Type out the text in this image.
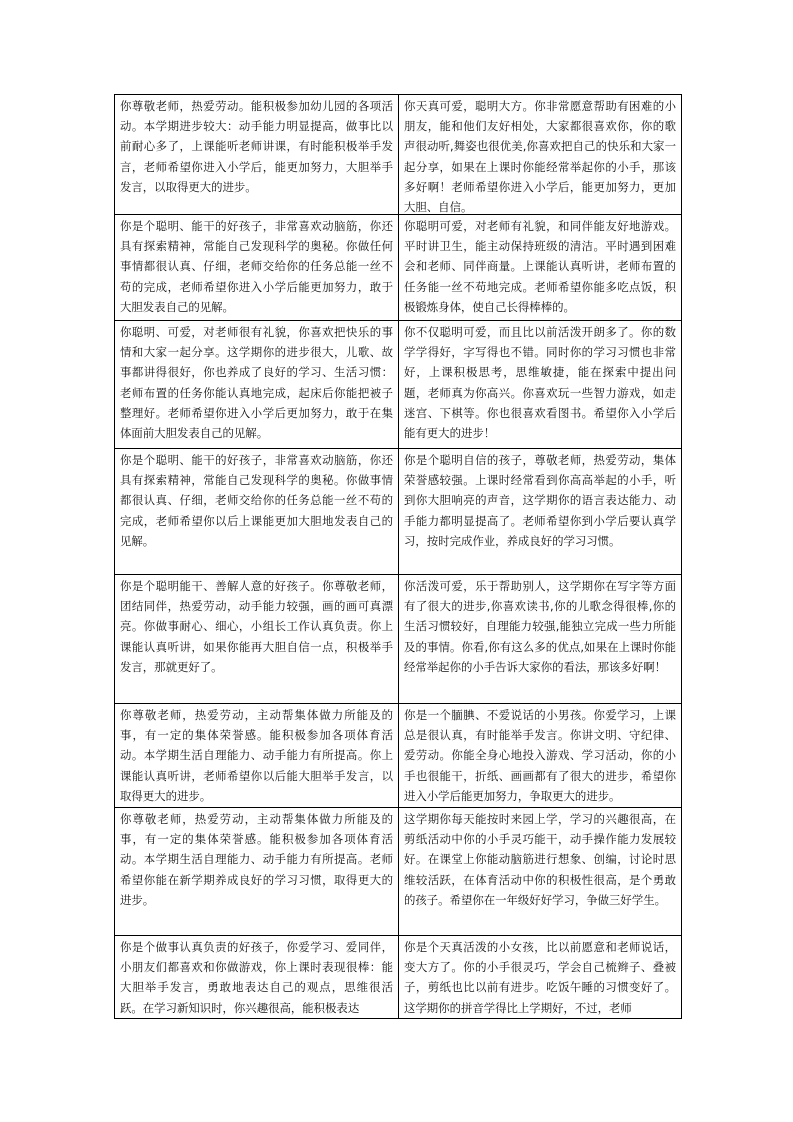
你尊敬老师，热爱劳动。能积极参加幼儿园的各项活动。本学期进步较大：动手能力明显提高，做事比以前耐心多了，上课能听老师讲课，有时能积极举手发言，老师希望你进入小学后，能更加努力，大胆举手发言，以取得更大的进步。
你天真可爱，聪明大方。你非常愿意帮助有困难的小朋友，能和他们友好相处，大家都很喜欢你，你的歌声很动听,舞姿也很优美,你喜欢把自己的快乐和大家一起分享，如果在上课时你能经常举起你的小手，那该多好啊！老师希望你进入小学后，能更加努力，更加大胆、自信。
你是个聪明、能干的好孩子，非常喜欢动脑筋，你还具有探索精神，常能自己发现科学的奥秘。你做任何事情都很认真、仔细，老师交给你的任务总能一丝不苟的完成，老师希望你进入小学后能更加努力，敢于大胆发表自己的见解。
你聪明可爱，对老师有礼貌，和同伴能友好地游戏。平时讲卫生，能主动保持班级的清洁。平时遇到困难会和老师、同伴商量。上课能认真听讲，老师布置的任务能一丝不苟地完成。老师希望你能多吃点饭，积极锻炼身体，使自己长得棒棒的。
你聪明、可爱，对老师很有礼貌，你喜欢把快乐的事情和大家一起分享。这学期你的进步很大，儿歌、故事都讲得很好，你也养成了良好的学习、生活习惯：老师布置的任务你能认真地完成，起床后你能把被子整理好。老师希望你进入小学后更加努力，敢于在集体面前大胆发表自己的见解。
你不仅聪明可爱，而且比以前活泼开朗多了。你的数学学得好，字写得也不错。同时你的学习习惯也非常好，上课积极思考，思维敏捷，能在探索中提出问题，老师真为你高兴。你喜欢玩一些智力游戏，如走迷宫、下棋等。你也很喜欢看图书。希望你入小学后能有更大的进步！
你是个聪明、能干的好孩子，非常喜欢动脑筋，你还具有探索精神，常能自己发现科学的奥秘。你做事情都很认真、仔细，老师交给你的任务总能一丝不苟的完成，老师希望你以后上课能更加大胆地发表自己的见解。
你是个聪明自信的孩子，尊敬老师，热爱劳动，集体荣誉感较强。上课时经常看到你高高举起的小手，听到你大胆响亮的声音，这学期你的语言表达能力、动手能力都明显提高了。老师希望你到小学后要认真学习，按时完成作业，养成良好的学习习惯。
你是个聪明能干、善解人意的好孩子。你尊敬老师，团结同伴，热爱劳动，动手能力较强，画的画可真漂亮。你做事耐心、细心，小组长工作认真负责。你上课能认真听讲，如果你能再大胆自信一点，积极举手发言，那就更好了。
你活泼可爱，乐于帮助别人，这学期你在写字等方面有了很大的进步,你喜欢读书,你的儿歌念得很棒,你的生活习惯较好，自理能力较强,能独立完成一些力所能及的事情。你看,你有这么多的优点,如果在上课时你能经常举起你的小手告诉大家你的看法，那该多好啊！
你尊敬老师，热爱劳动，主动帮集体做力所能及的事，有一定的集体荣誉感。能积极参加各项体育活动。本学期生活自理能力、动手能力有所提高。你上课能认真听讲，老师希望你以后能大胆举手发言，以取得更大的进步。
你是一个腼腆、不爱说话的小男孩。你爱学习，上课总是很认真，有时能举手发言。你讲文明、守纪律、爱劳动。你能全身心地投入游戏、学习活动，你的小手也很能干，折纸、画画都有了很大的进步，希望你进入小学后能更加努力，争取更大的进步。
你尊敬老师，热爱劳动，主动帮集体做力所能及的事，有一定的集体荣誉感。能积极参加各项体育活动。本学期生活自理能力、动手能力有所提高。老师希望你能在新学期养成良好的学习习惯，取得更大的进步。
这学期你每天能按时来园上学，学习的兴趣很高，在剪纸活动中你的小手灵巧能干，动手操作能力发展较好。在课堂上你能动脑筋进行想象、创编，讨论时思维较活跃，在体育活动中你的积极性很高，是个勇敢的孩子。希望你在一年级好好学习，争做三好学生。
你是个做事认真负责的好孩子，你爱学习、爱同伴，小朋友们都喜欢和你做游戏，你上课时表现很棒：能大胆举手发言，勇敢地表达自己的观点，思维很活跃。在学习新知识时，你兴趣很高，能积极表达
你是个天真活泼的小女孩，比以前愿意和老师说话，变大方了。你的小手很灵巧，学会自己梳辫子、叠被子，剪纸也比以前有进步。吃饭午睡的习惯变好了。这学期你的拼音学得比上学期好，不过，老师
